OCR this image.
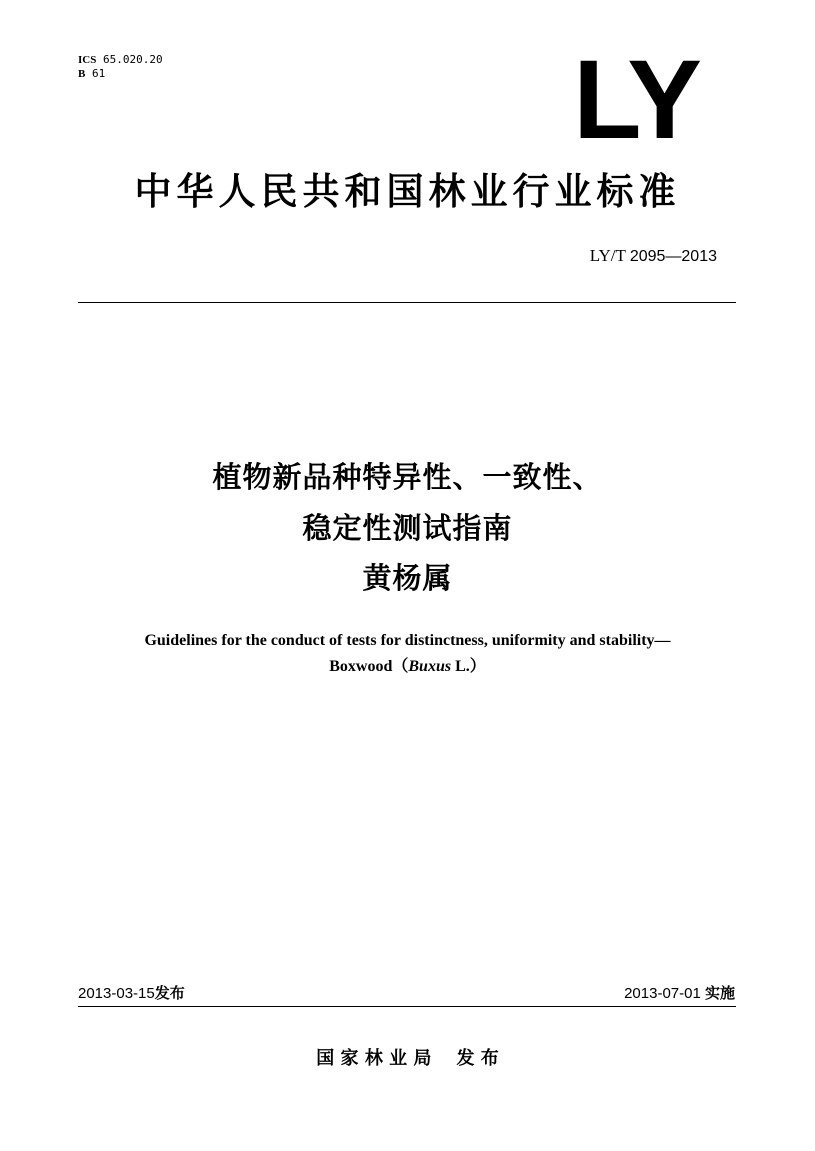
ICS 65.020.20
B 61	LY
中华人民共和国林业行业标准
LY/T 2095—2013
植物新品种特异性、一致性、
稳定性测试指南
黄杨属
Guidelines for the conduct of tests for distinctness, uniformity and stability—
Boxwood（Buxus L.）
2013-03-15发布	2013-07-01 实施
国 家 林 业 局 发 布
